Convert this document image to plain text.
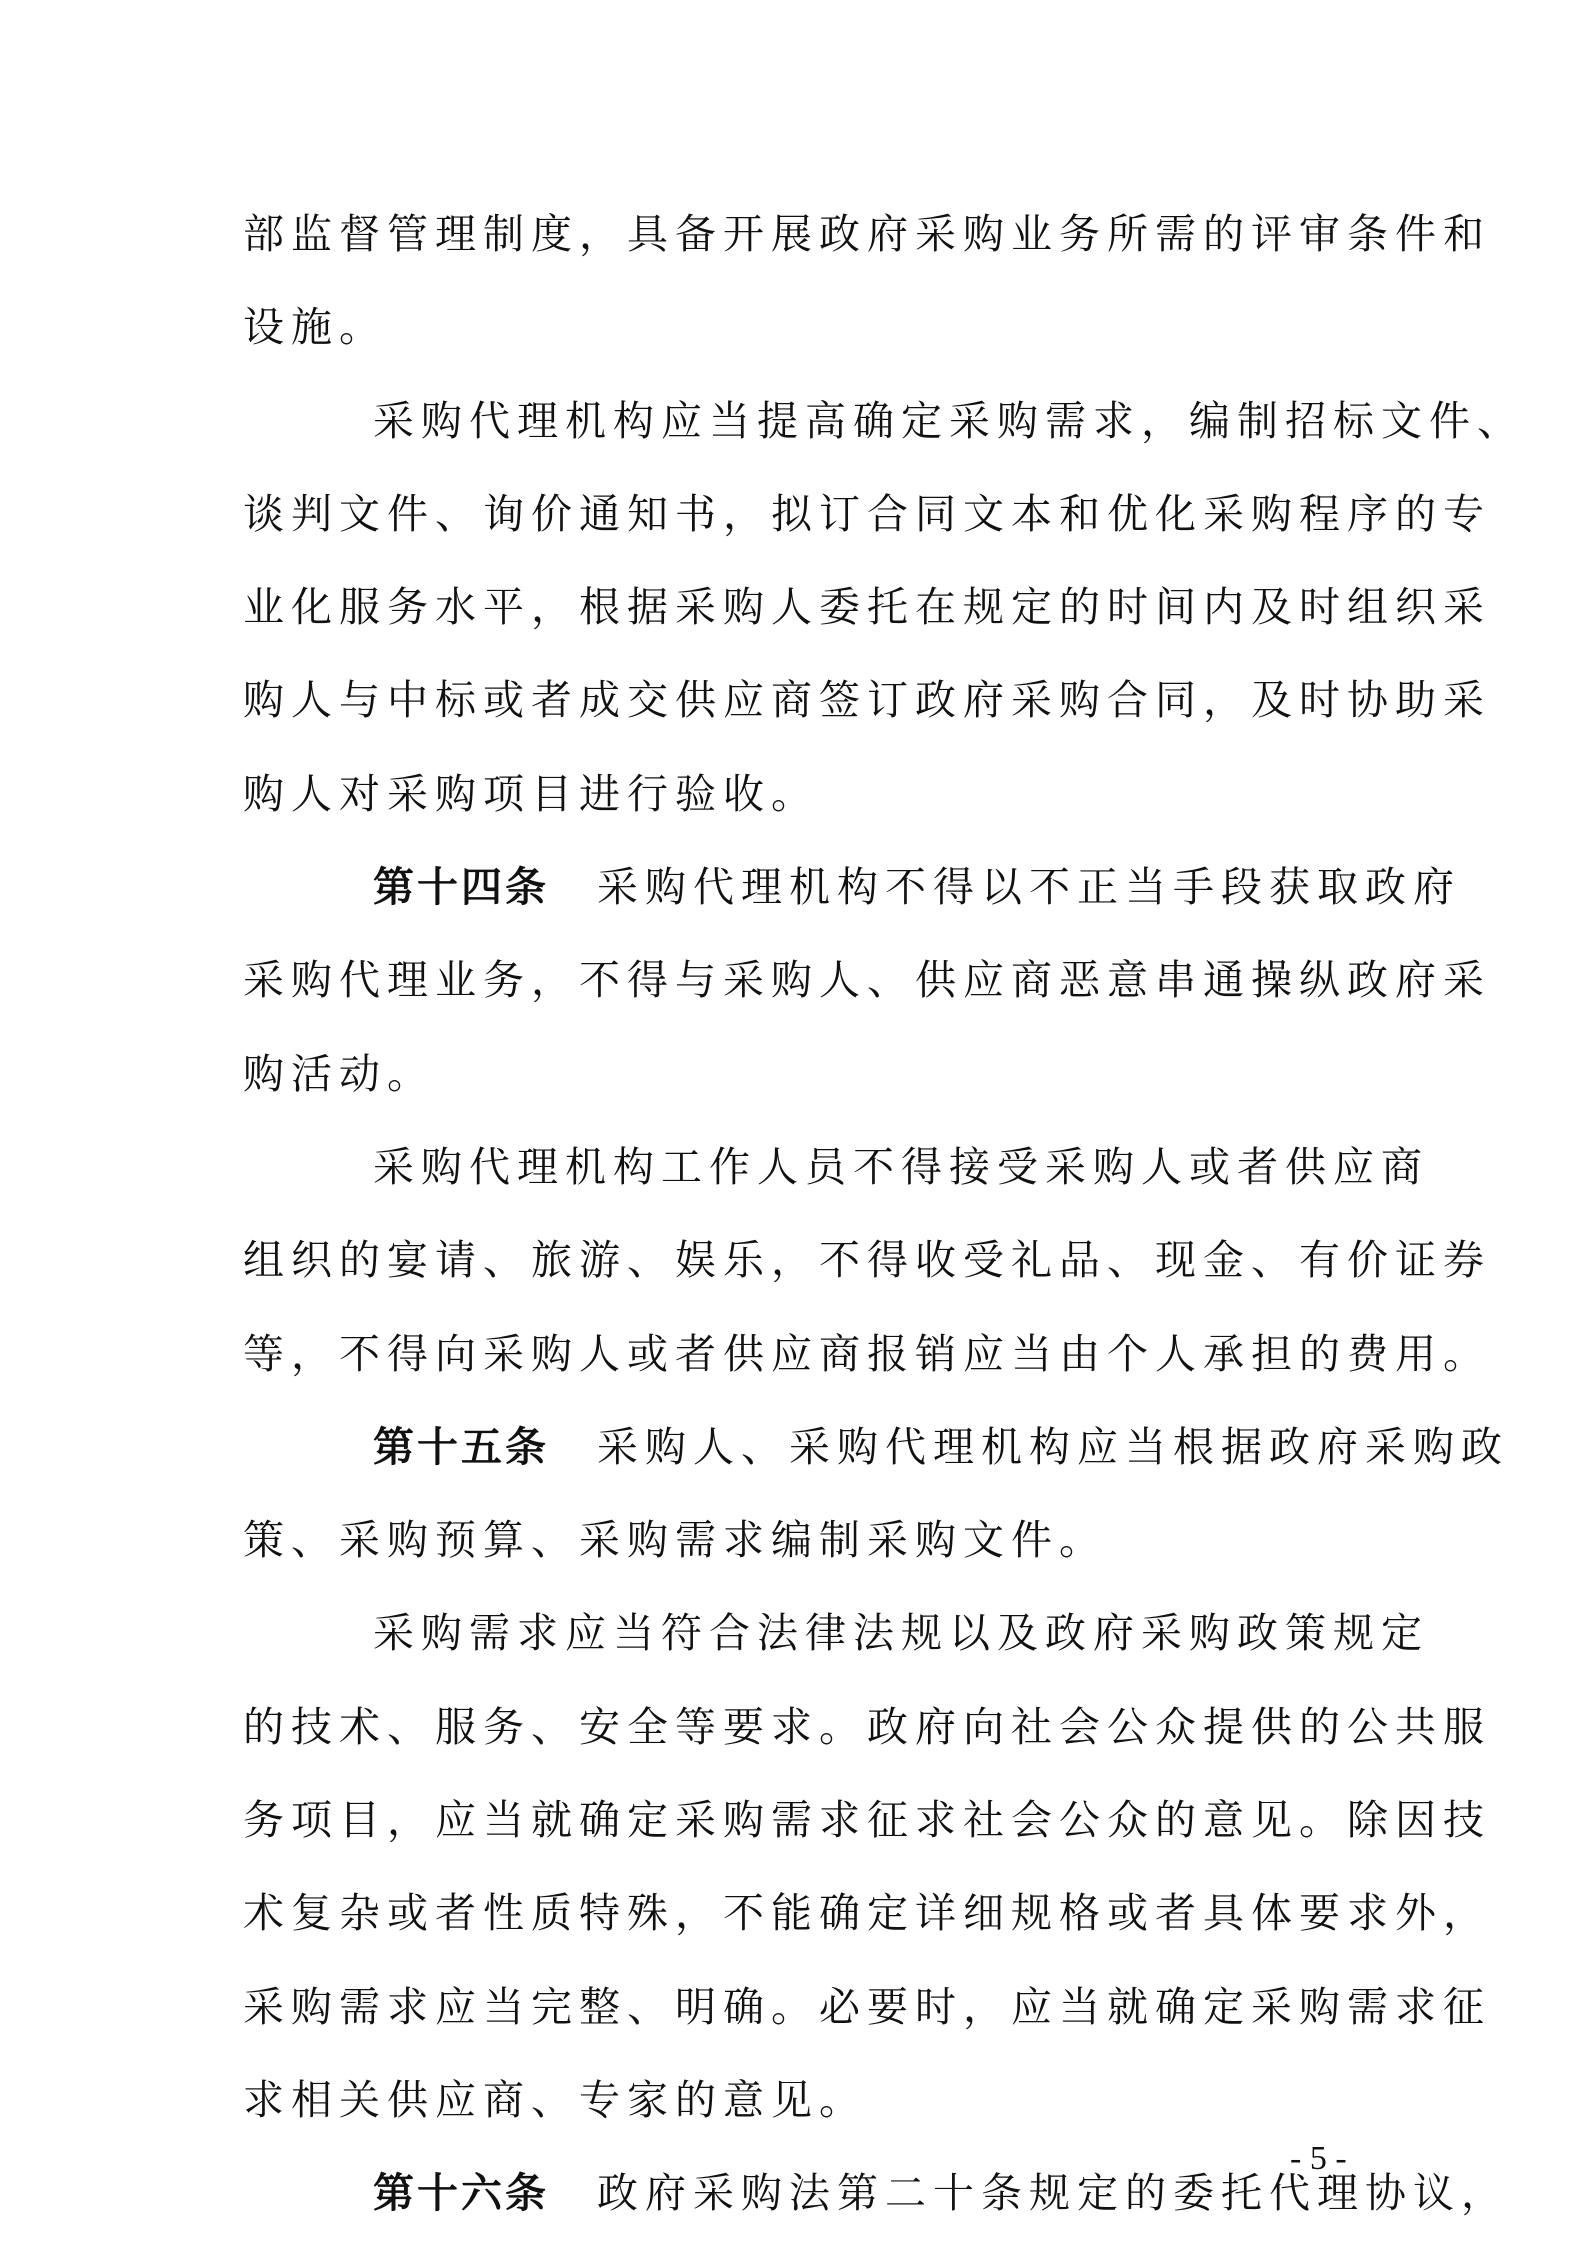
部监督管理制度，具备开展政府采购业务所需的评审条件和
设施。
采购代理机构应当提高确定采购需求，编制招标文件、
谈判文件、询价通知书，拟订合同文本和优化采购程序的专
业化服务水平，根据采购人委托在规定的时间内及时组织采
购人与中标或者成交供应商签订政府采购合同，及时协助采
购人对采购项目进行验收。
第十四条 采购代理机构不得以不正当手段获取政府
采购代理业务，不得与采购人、供应商恶意串通操纵政府采
购活动。
采购代理机构工作人员不得接受采购人或者供应商
组织的宴请、旅游、娱乐，不得收受礼品、现金、有价证券
等，不得向采购人或者供应商报销应当由个人承担的费用。
第十五条 采购人、采购代理机构应当根据政府采购政
策、采购预算、采购需求编制采购文件。
采购需求应当符合法律法规以及政府采购政策规定
的技术、服务、安全等要求。政府向社会公众提供的公共服
务项目，应当就确定采购需求征求社会公众的意见。除因技
术复杂或者性质特殊，不能确定详细规格或者具体要求外，
采购需求应当完整、明确。必要时，应当就确定采购需求征
求相关供应商、专家的意见。
第十六条 政府采购法第二十条规定的委托代理协议，
- 5 -
